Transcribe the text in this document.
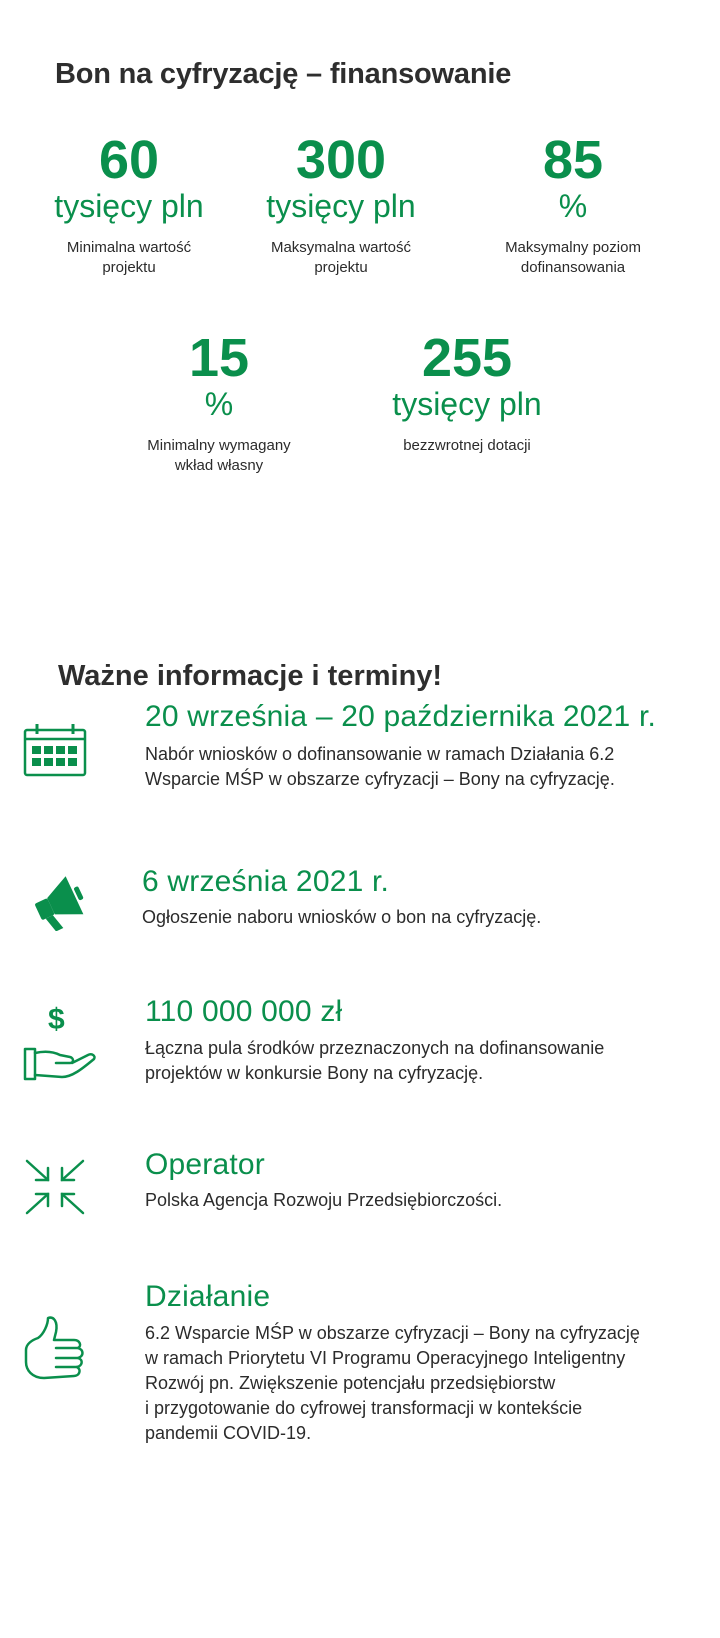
Bon na cyfryzację – finansowanie
60
tysięcy pln
Minimalna wartość
projektu
300
tysięcy pln
Maksymalna wartość
projektu
85
%
Maksymalny poziom
dofinansowania
15
%
Minimalny wymagany
wkład własny
255
tysięcy pln
bezzwrotnej dotacji
Ważne informacje i terminy!
20 września – 20 października 2021 r.
Nabór wniosków o dofinansowanie w ramach Działania 6.2
Wsparcie MŚP w obszarze cyfryzacji – Bony na cyfryzację.
6 września 2021 r.
Ogłoszenie naboru wniosków o bon na cyfryzację.
$	110 000 000 zł
Łączna pula środków przeznaczonych na dofinansowanie
projektów w konkursie Bony na cyfryzację.
Operator
Polska Agencja Rozwoju Przedsiębiorczości.
Działanie
6.2 Wsparcie MŚP w obszarze cyfryzacji – Bony na cyfryzację
w ramach Priorytetu VI Programu Operacyjnego Inteligentny
Rozwój pn. Zwiększenie potencjału przedsiębiorstw
i przygotowanie do cyfrowej transformacji w kontekście
pandemii COVID-19.
